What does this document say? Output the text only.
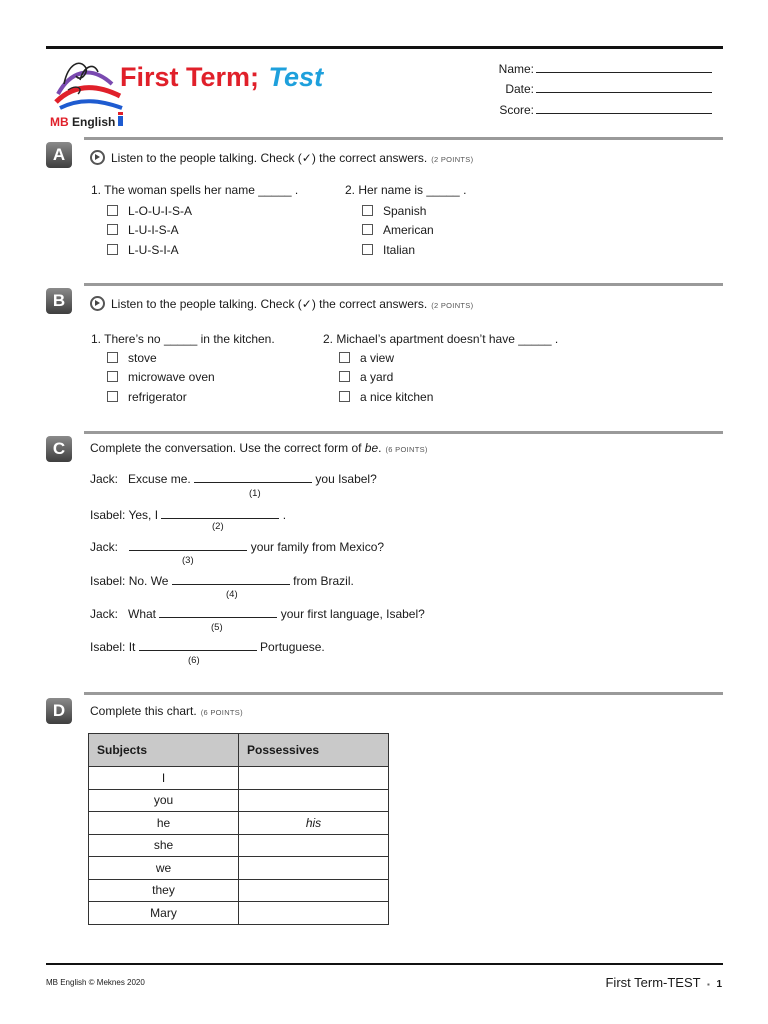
MB English
First Term; Test	Name:
Date:
Score:
A	Listen to the people talking. Check (✓) the correct answers. (2 POINTS)
1. The woman spells her name _____ .
L-O-U-I-S-A
L-U-I-S-A
L-U-S-I-A
2. Her name is _____ .
Spanish
American
Italian
B	Listen to the people talking. Check (✓) the correct answers. (2 POINTS)
1. There’s no _____ in the kitchen.
stove
microwave oven
refrigerator
2. Michael’s apartment doesn’t have _____ .
a view
a yard
a nice kitchen
C	Complete the conversation. Use the correct form of be. (6 POINTS)
Jack:   Excuse me.	you Isabel?
(1)
Isabel: Yes, I	.
(2)
Jack:	your family from Mexico?
(3)
Isabel: No. We	from Brazil.
(4)
Jack:   What	your first language, Isabel?
(5)
Isabel: It	Portuguese.
(6)
D	Complete this chart. (6 POINTS)
Subjects	Possessives
I	
you	
he	his
she	
we	
they	
Mary	
MB English © Meknes 2020	First Term-TEST ▪ 1
